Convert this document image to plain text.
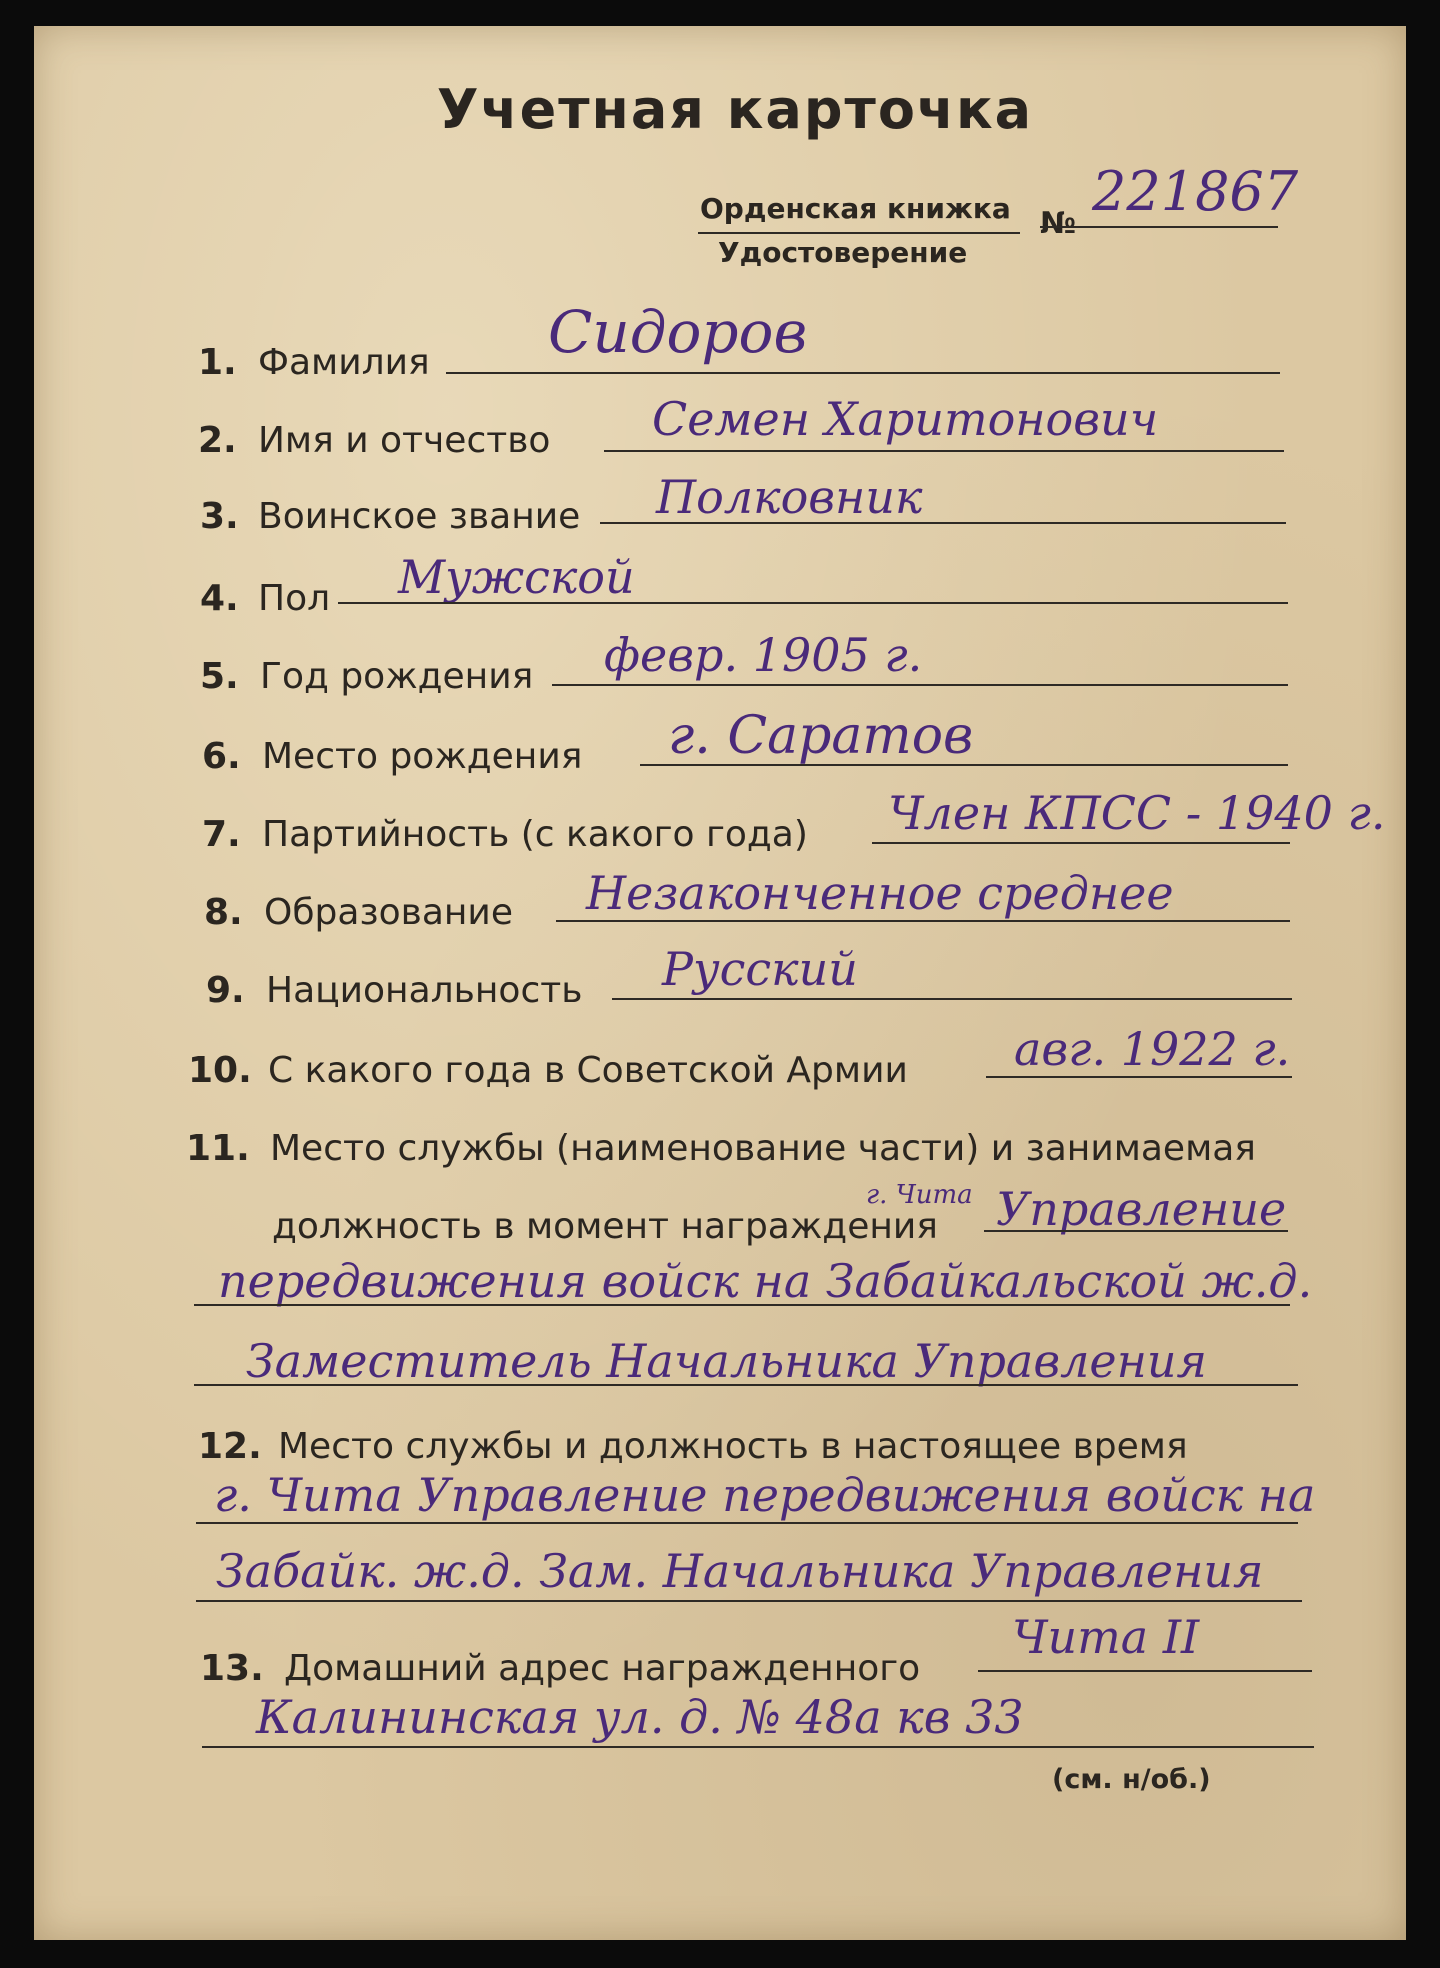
Учетная карточка
Орденская книжка
Удостоверение
№
221867
1. Фамилия Сидоров
2. Имя и отчество Семен Харитонович
3. Воинское звание Полковник
4. Пол Мужской
5. Год рождения февр. 1905 г.
6. Место рождения г. Саратов
7. Партийность (с какого года) Член КПСС - 1940 г.
8. Образование Незаконченное среднее
9. Национальность Русский
10. С какого года в Советской Армии авг. 1922 г.
11. Место службы (наименование части) и занимаемая
должность в момент награждения
г. Чита Управление
передвижения войск на Забайкальской ж.д.
Заместитель Начальника Управления
12. Место службы и должность в настоящее время
г. Чита Управление передвижения войск на
Забайк. ж.д. Зам. Начальника Управления
13. Домашний адрес награжденного
Чита II
Калининская ул. д. № 48а кв 33
(см. н/об.)
